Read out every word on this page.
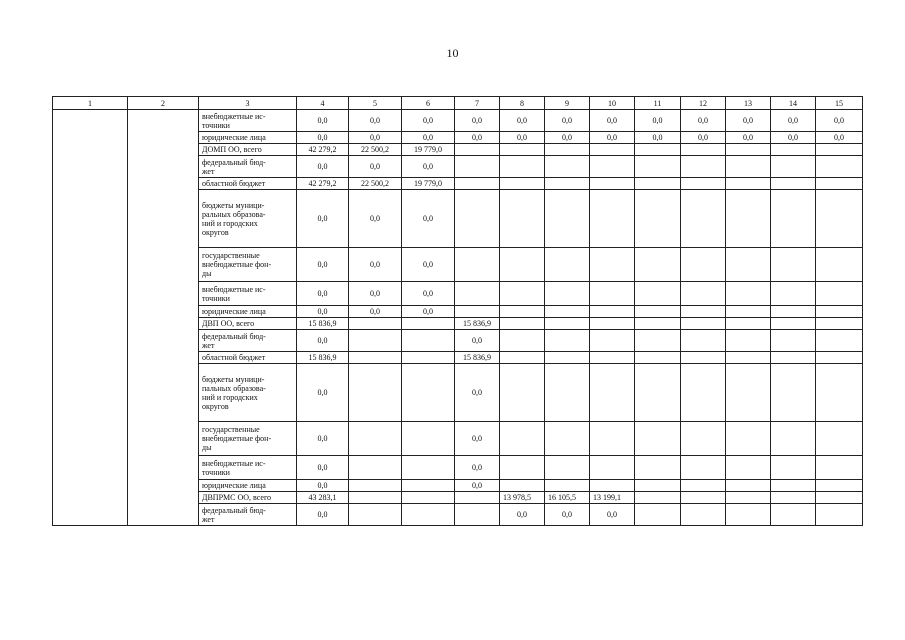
10
1	2	3	4	5	6	7	8	9	10	11	12	13	14	15
		внебюджетные ис-
точники	0,0	0,0	0,0	0,0	0,0	0,0	0,0	0,0	0,0	0,0	0,0	0,0
		юридические лица	0,0	0,0	0,0	0,0	0,0	0,0	0,0	0,0	0,0	0,0	0,0	0,0
		ДОМП ОО, всего	42 279,2	22 500,2	19 779,0									
		федеральный бюд-
жет	0,0	0,0	0,0									
		областной бюджет	42 279,2	22 500,2	19 779,0									
		бюджеты муници-
pальных образова-
ний и городских
округов	0,0	0,0	0,0									
		государственные
внебюджетные фон-
ды	0,0	0,0	0,0									
		внебюджетные ис-
точники	0,0	0,0	0,0									
		юридические лица	0,0	0,0	0,0									
		ДВП ОО, всего	15 836,9			15 836,9								
		федеральный бюд-
жет	0,0			0,0								
		областной бюджет	15 836,9			15 836,9								
		бюджеты муници-
пальных образова-
ний и городских
округов	0,0			0,0								
		государственные
внебюджетные фон-
ды	0,0			0,0								
		внебюджетные ис-
точники	0,0			0,0								
		юридические лица	0,0			0,0								
		ДВПРМС ОО, всего	43 283,1				13 978,5	16 105,5	13 199,1					
		федеральный бюд-
жет	0,0				0,0	0,0	0,0					
